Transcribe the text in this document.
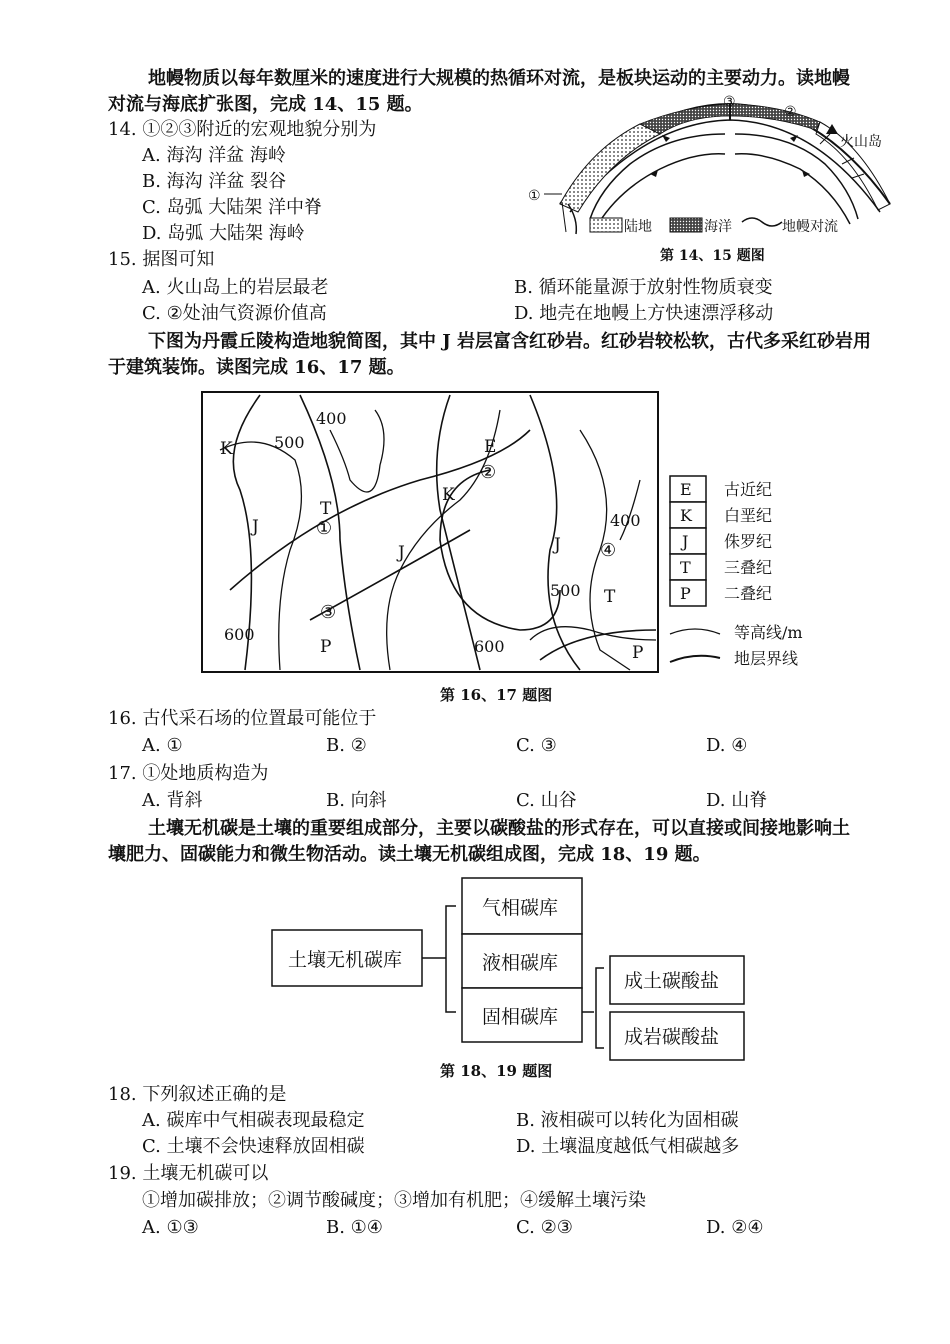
地幔物质以每年数厘米的速度进行大规模的热循环对流，是板块运动的主要动力。读地幔
对流与海底扩张图，完成 14、15 题。
14. ①②③附近的宏观地貌分别为
A. 海沟 洋盆 海岭
B. 海沟 洋盆 裂谷
C. 岛弧 大陆架 洋中脊
D. 岛弧 大陆架 海岭
③
②
①
火山岛
陆地	海洋	地幔对流
第 14、15 题图
15. 据图可知
A. 火山岛上的岩层最老	B. 循环能量源于放射性物质衰变
C. ②处油气资源价值高	D. 地壳在地幔上方快速漂浮移动
下图为丹霞丘陵构造地貌简图，其中 J 岩层富含红砂岩。红砂岩较松软，古代多采红砂岩用
于建筑装饰。读图完成 16、17 题。
400
500
400
500
600
600
K
J
T
E
K
J	J
T
P	P
①
②
③
④
E
K
J
T
P
古近纪
白垩纪
侏罗纪
三叠纪
二叠纪
等高线/m
地层界线
第 16、17 题图
16. 古代采石场的位置最可能位于
A. ①	B. ②	C. ③	D. ④
17. ①处地质构造为
A. 背斜	B. 向斜	C. 山谷	D. 山脊
土壤无机碳是土壤的重要组成部分，主要以碳酸盐的形式存在，可以直接或间接地影响土
壤肥力、固碳能力和微生物活动。读土壤无机碳组成图，完成 18、19 题。
土壤无机碳库
气相碳库
液相碳库
固相碳库
成土碳酸盐
成岩碳酸盐
第 18、19 题图
18. 下列叙述正确的是
A. 碳库中气相碳表现最稳定	B. 液相碳可以转化为固相碳
C. 土壤不会快速释放固相碳	D. 土壤温度越低气相碳越多
19. 土壤无机碳可以
①增加碳排放；②调节酸碱度；③增加有机肥；④缓解土壤污染
A. ①③	B. ①④	C. ②③	D. ②④
